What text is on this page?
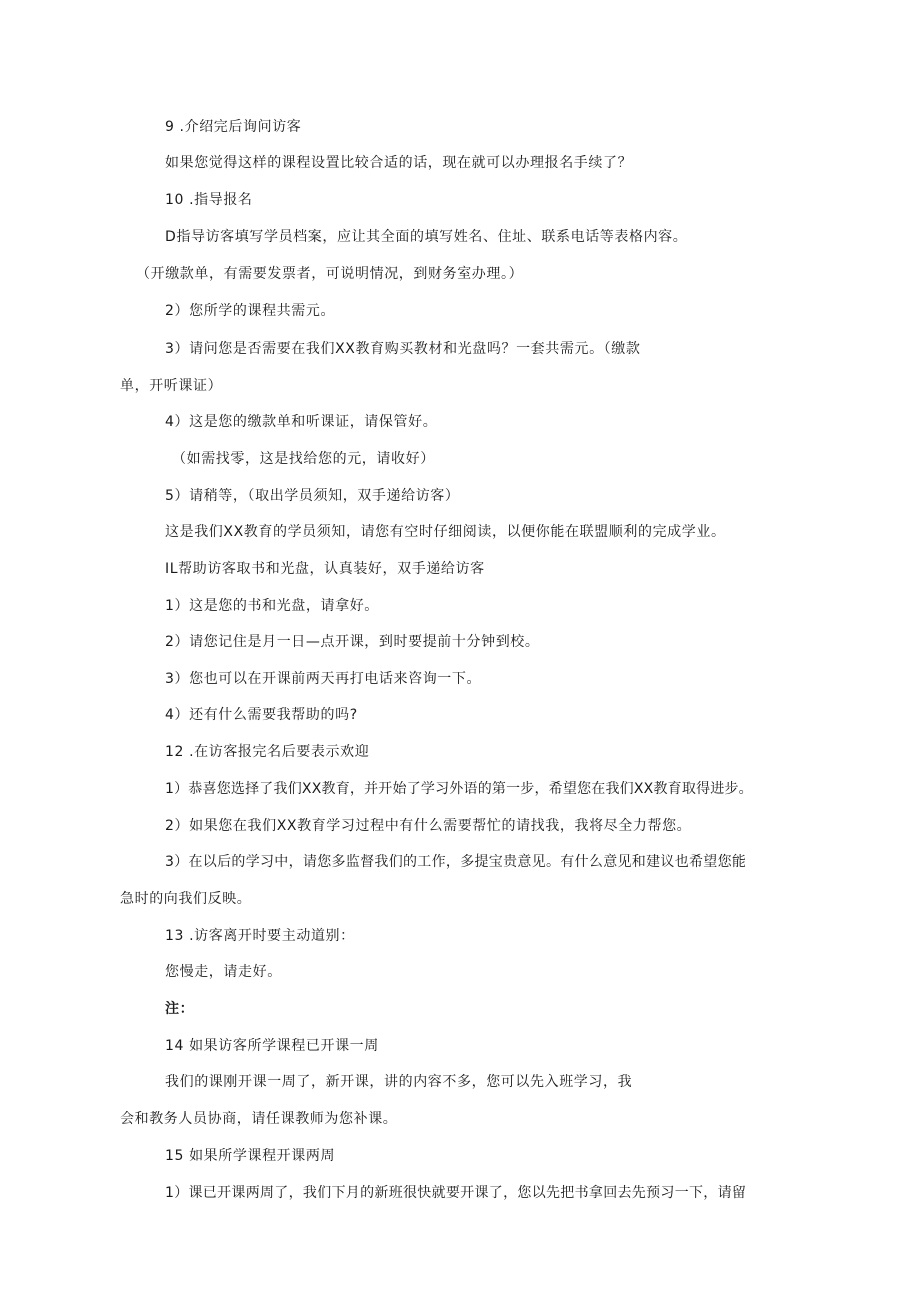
9 .介绍完后询问访客
如果您觉得这样的课程设置比较合适的话，现在就可以办理报名手续了？
10 .指导报名
D指导访客填写学员档案，应让其全面的填写姓名、住址、联系电话等表格内容。
（开缴款单，有需要发票者，可说明情况，到财务室办理。）
2）您所学的课程共需元。
3）请问您是否需要在我们XX教育购买教材和光盘吗？一套共需元。（缴款
单，开听课证）
4）这是您的缴款单和听课证，请保管好。
（如需找零，这是找给您的元，请收好）
5）请稍等，（取出学员须知，双手递给访客）
这是我们XX教育的学员须知，请您有空时仔细阅读，以便你能在联盟顺利的完成学业。
IL帮助访客取书和光盘，认真装好，双手递给访客
1）这是您的书和光盘，请拿好。
2）请您记住是月一日—点开课，到时要提前十分钟到校。
3）您也可以在开课前两天再打电话来咨询一下。
4）还有什么需要我帮助的吗?
12 .在访客报完名后要表示欢迎
1）恭喜您选择了我们XX教育，并开始了学习外语的第一步，希望您在我们XX教育取得进步。
2）如果您在我们XX教育学习过程中有什么需要帮忙的请找我，我将尽全力帮您。
3）在以后的学习中，请您多监督我们的工作，多提宝贵意见。有什么意见和建议也希望您能
急时的向我们反映。
13 .访客离开时要主动道别：
您慢走，请走好。
注：
14 如果访客所学课程已开课一周
我们的课刚开课一周了，新开课，讲的内容不多，您可以先入班学习，我
会和教务人员协商，请任课教师为您补课。
15 如果所学课程开课两周
1）课已开课两周了，我们下月的新班很快就要开课了，您以先把书拿回去先预习一下，请留
